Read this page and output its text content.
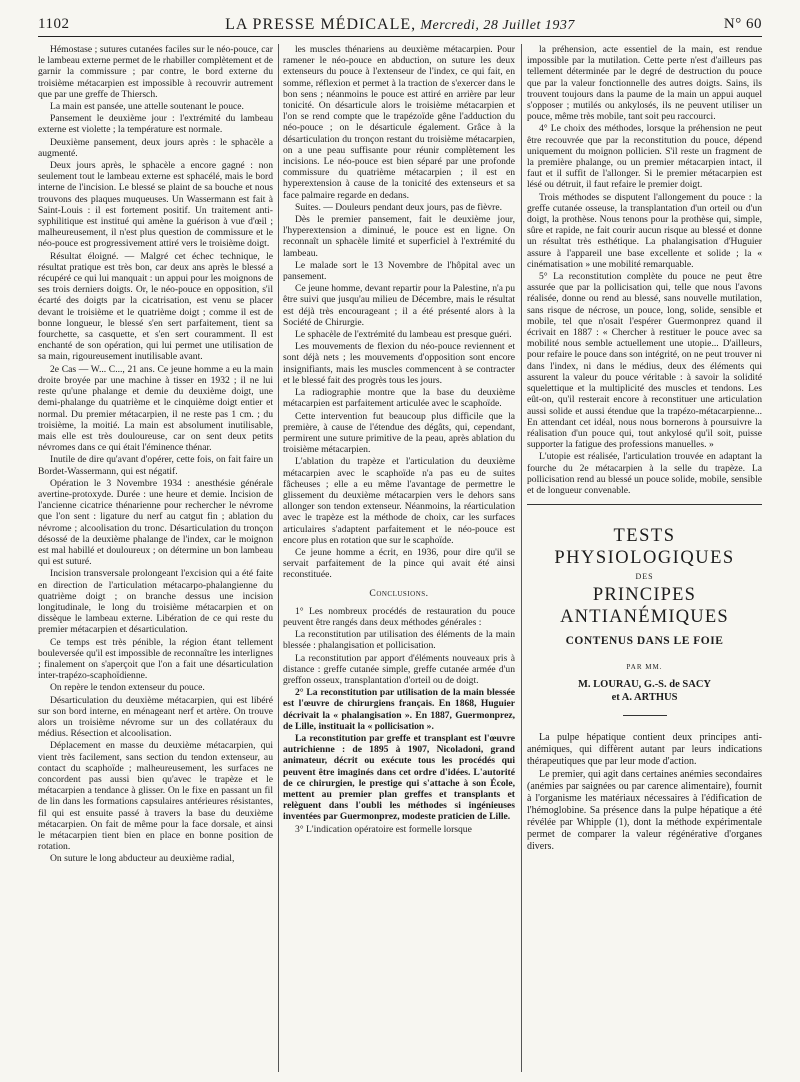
1102	LA PRESSE MÉDICALE, Mercredi, 28 Juillet 1937	N° 60

Hémostase ; sutures cutanées faciles sur le néo-pouce, car le lambeau externe permet de le rhabiller complètement et de garnir la commissure ; par contre, le bord externe du troisième métacarpien est impossible à recouvrir autrement que par une greffe de Thiersch.

La main est pansée, une attelle soutenant le pouce.

Pansement le deuxième jour : l'extrémité du lambeau externe est violette ; la température est normale.

Deuxième pansement, deux jours après : le sphacèle a augmenté.

Deux jours après, le sphacèle a encore gagné : non seulement tout le lambeau externe est sphacélé, mais le bord interne de l'incision. Le blessé se plaint de sa bouche et nous trouvons des plaques muqueuses. Un Wassermann est fait à Saint-Louis : il est fortement positif. Un traitement anti-syphilitique est institué qui amène la guérison à vue d'œil ; malheureusement, il n'est plus question de commissure et le néo-pouce est progressivement attiré vers le troisième doigt.

Résultat éloigné. — Malgré cet échec technique, le résultat pratique est très bon, car deux ans après le blessé a récupéré ce qui lui manquait : un appui pour les moignons de ses trois derniers doigts. Or, le néo-pouce en opposition, s'il écarté des doigts par la cicatrisation, est venu se placer devant le troisième et le quatrième doigt ; comme il est de bonne longueur, le blessé s'en sert parfaitement, tient sa fourchette, sa casquette, et s'en sert couramment. Il est enchanté de son opération, qui lui permet une utilisation de sa main, rigoureusement inutilisable avant.

2e Cas — W... C..., 21 ans. Ce jeune homme a eu la main droite broyée par une machine à tisser en 1932 ; il ne lui reste qu'une phalange et demie du deuxième doigt, une demi-phalange du quatrième et le cinquième doigt entier et normal. Du premier métacarpien, il ne reste pas 1 cm. ; du troisième, la moitié. La main est absolument inutilisable, mais elle est très douloureuse, car on sent deux petits névromes dans ce qui était l'éminence thénar.

Inutile de dire qu'avant d'opérer, cette fois, on fait faire un Bordet-Wassermann, qui est négatif.

Opération le 3 Novembre 1934 : anesthésie générale avertine-protoxyde. Durée : une heure et demie. Incision de l'ancienne cicatrice thénarienne pour rechercher le névrome que l'on sent : ligature du nerf au catgut fin ; ablation du névrome ; alcoolisation du tronc. Désarticulation du tronçon désossé de la deuxième phalange de l'index, car le moignon est mal habillé et douloureux ; on détermine un bon lambeau qui est suturé.

Incision transversale prolongeant l'excision qui a été faite en direction de l'articulation métacarpo-phalangienne du quatrième doigt ; on branche dessus une incision longitudinale, le long du troisième métacarpien et on dissèque le lambeau externe. Libération de ce qui reste du premier métacarpien et désarticulation.

Ce temps est très pénible, la région étant tellement bouleversée qu'il est impossible de reconnaître les interlignes ; finalement on s'aperçoit que l'on a fait une désarticulation inter-trapézo-scaphoïdienne.

On repère le tendon extenseur du pouce.

Désarticulation du deuxième métacarpien, qui est libéré sur son bord interne, en ménageant nerf et artère. On trouve alors un troisième névrome sur un des collatéraux du médius. Résection et alcoolisation.

Déplacement en masse du deuxième métacarpien, qui vient très facilement, sans section du tendon extenseur, au contact du scaphoïde ; malheureusement, les surfaces ne concordent pas aussi bien qu'avec le trapèze et le métacarpien a tendance à glisser. On le fixe en passant un fil de lin dans les formations capsulaires antérieures résistantes, fil qui est ensuite passé à travers la base du deuxième métacarpien. On fait de même pour la face dorsale, et ainsi le métacarpien tient bien en place en bonne position de rotation.

On suture le long abducteur au deuxième radial,

les muscles thénariens au deuxième métacarpien. Pour ramener le néo-pouce en abduction, on suture les deux extenseurs du pouce à l'extenseur de l'index, ce qui fait, en somme, réflexion et permet à la traction de s'exercer dans le bon sens ; néanmoins le pouce est attiré en arrière par leur tonicité. On désarticule alors le troisième métacarpien et l'on se rend compte que le trapézoïde gêne l'adduction du néo-pouce ; on le désarticule également. Grâce à la désarticulation du tronçon restant du troisième métacarpien, on a une peau suffisante pour réunir complètement les incisions. Le néo-pouce est bien séparé par une profonde commissure du quatrième métacarpien ; il est en hyperextension à cause de la tonicité des extenseurs et sa face palmaire regarde en dedans.

Suites. — Douleurs pendant deux jours, pas de fièvre.

Dès le premier pansement, fait le deuxième jour, l'hyperextension a diminué, le pouce est en ligne. On reconnaît un sphacèle limité et superficiel à l'extrémité du lambeau.

Le malade sort le 13 Novembre de l'hôpital avec un pansement.

Ce jeune homme, devant repartir pour la Palestine, n'a pu être suivi que jusqu'au milieu de Décembre, mais le résultat est déjà très encourageant ; il a été présenté alors à la Société de Chirurgie.

Le sphacèle de l'extrémité du lambeau est presque guéri.

Les mouvements de flexion du néo-pouce reviennent et sont déjà nets ; les mouvements d'opposition sont encore insignifiants, mais les muscles commencent à se contracter et le blessé fait des progrès tous les jours.

La radiographie montre que la base du deuxième métacarpien est parfaitement articulée avec le scaphoïde.

Cette intervention fut beaucoup plus difficile que la première, à cause de l'étendue des dégâts, qui, cependant, permirent une suture primitive de la peau, après ablation du troisième métacarpien.

L'ablation du trapèze et l'articulation du deuxième métacarpien avec le scaphoïde n'a pas eu de suites fâcheuses ; elle a eu même l'avantage de permettre le glissement du deuxième métacarpien vers le dehors sans allonger son tendon extenseur. Néanmoins, la réarticulation avec le trapèze est la méthode de choix, car les surfaces articulaires s'adaptent parfaitement et le néo-pouce est encore plus en rotation que sur le scaphoïde.

Ce jeune homme a écrit, en 1936, pour dire qu'il se servait parfaitement de la pince qui avait été ainsi reconstituée.

Conclusions.

1° Les nombreux procédés de restauration du pouce peuvent être rangés dans deux méthodes générales :

La reconstitution par utilisation des éléments de la main blessée : phalangisation et pollicisation.

La reconstitution par apport d'éléments nouveaux pris à distance : greffe cutanée simple, greffe cutanée armée d'un greffon osseux, transplantation d'orteil ou de doigt.

2° La reconstitution par utilisation de la main blessée est l'œuvre de chirurgiens français. En 1868, Huguier décrivait la « phalangisation ». En 1887, Guermonprez, de Lille, instituait la « pollicisation ».

La reconstitution par greffe et transplant est l'œuvre autrichienne : de 1895 à 1907, Nicoladoni, grand animateur, décrit ou exécute tous les procédés qui peuvent être imaginés dans cet ordre d'idées. L'autorité de ce chirurgien, le prestige qui s'attache à son École, mettent au premier plan greffes et transplants et relèguent dans l'oubli les méthodes si ingénieuses inventées par Guermonprez, modeste praticien de Lille.

3° L'indication opératoire est formelle lorsque

la préhension, acte essentiel de la main, est rendue impossible par la mutilation. Cette perte n'est d'ailleurs pas tellement déterminée par le degré de destruction du pouce que par la valeur fonctionnelle des autres doigts. Sains, ils trouvent toujours dans la paume de la main un appui auquel s'opposer ; mutilés ou ankylosés, ils ne peuvent utiliser un pouce, même très mobile, tant soit peu raccourci.

4° Le choix des méthodes, lorsque la préhension ne peut être recouvrée que par la reconstitution du pouce, dépend uniquement du moignon pollicien. S'il reste un fragment de la première phalange, ou un premier métacarpien intact, il faut et il suffit de l'allonger. Si le premier métacarpien est lésé ou détruit, il faut refaire le premier doigt.

Trois méthodes se disputent l'allongement du pouce : la greffe cutanée osseuse, la transplantation d'un orteil ou d'un doigt, la prothèse. Nous tenons pour la prothèse qui, simple, sûre et rapide, ne fait courir aucun risque au blessé et donne un résultat très esthétique. La phalangisation d'Huguier assure à l'appareil une base excellente et solide ; la « cinématisation » une mobilité remarquable.

5° La reconstitution complète du pouce ne peut être assurée que par la pollicisation qui, telle que nous l'avons réalisée, donne ou rend au blessé, sans nouvelle mutilation, sans risque de nécrose, un pouce, long, solide, sensible et mobile, tel que n'osait l'espérer Guermonprez quand il écrivait en 1887 : « Chercher à restituer le pouce avec sa mobilité nous semble actuellement une utopie... D'ailleurs, pour refaire le pouce dans son intégrité, on ne peut trouver ni dans l'index, ni dans le médius, deux des éléments qui assurent la valeur du pouce véritable : à savoir la solidité squelettique et la multiplicité des muscles et tendons. Les eût-on, qu'il resterait encore à reconstituer une articulation aussi solide et aussi étendue que la trapézo-métacarpienne... En attendant cet idéal, nous nous bornerons à poursuivre la réalisation d'un pouce qui, tout ankylosé qu'il soit, puisse supporter la fatigue des professions manuelles. »

L'utopie est réalisée, l'articulation trouvée en adaptant la fourche du 2e métacarpien à la selle du trapèze. La pollicisation rend au blessé un pouce solide, mobile, sensible et de longueur convenable.

TESTS PHYSIOLOGIQUES
DES
PRINCIPES ANTIANÉMIQUES
CONTENUS DANS LE FOIE
PAR MM.
M. LOURAU, G.-S. de SACY
et A. ARTHUS

La pulpe hépatique contient deux principes anti-anémiques, qui diffèrent autant par leurs indications thérapeutiques que par leur mode d'action.

Le premier, qui agit dans certaines anémies secondaires (anémies par saignées ou par carence alimentaire), fournit à l'organisme les matériaux nécessaires à l'édification de l'hémoglobine. Sa présence dans la pulpe hépatique a été révélée par Whipple (1), dont la méthode expérimentale permet de comparer la valeur régénérative d'organes divers.
